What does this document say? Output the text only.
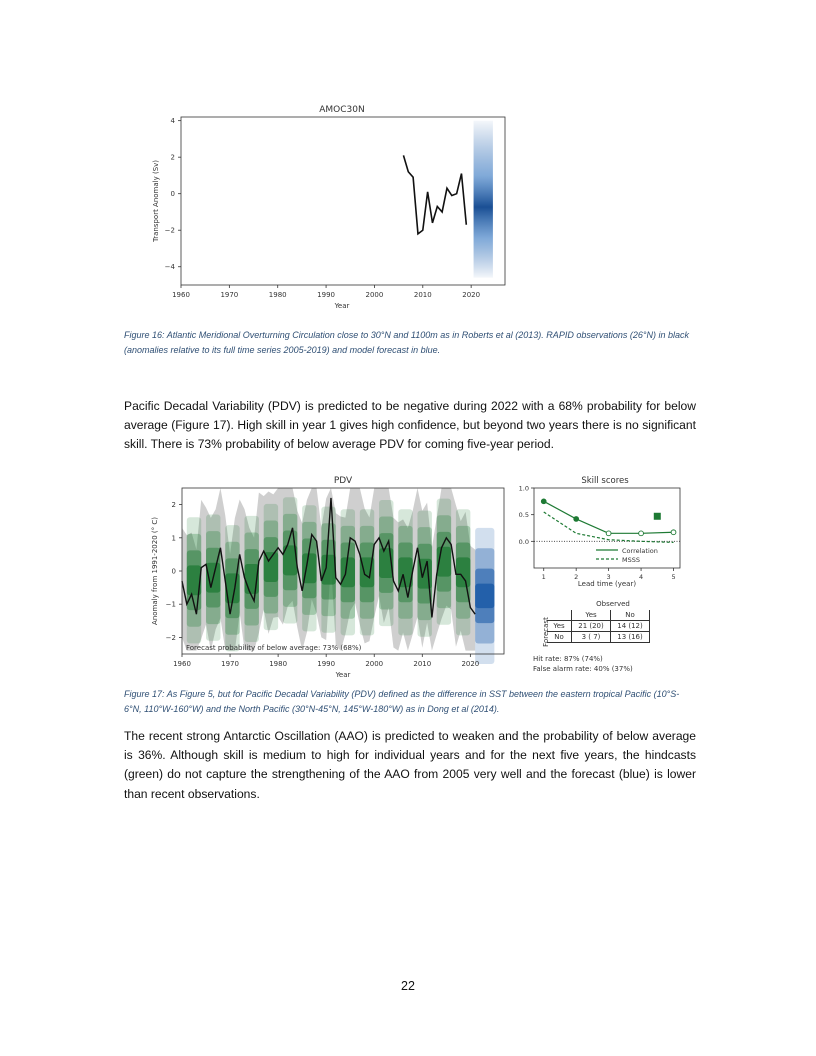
AMOC30N
1960	1970	1980	1990	2000	2010	2020
4
2
0
−2
−4
Year
Transport Anomaly (Sv)
Figure 16: Atlantic Meridional Overturning Circulation close to 30°N and 1100m as in Roberts et al (2013). RAPID observations (26°N) in black (anomalies relative to its full time series 2005-2019) and model forecast in blue.
Pacific Decadal Variability (PDV) is predicted to be negative during 2022 with a 68% probability for below average (Figure 17). High skill in year 1 gives high confidence, but beyond two years there is no significant skill. There is 73% probability of below average PDV for coming five-year period.
PDV
1960	1970	1980	1990	2000	2010	2020
2
1
0
−1
−2
Forecast probability of below average: 73% (68%)
Year
Anomaly from 1991-2020 (° C)
Skill scores
1	2	3	4	5
1.0
0.5
0.0
Correlation
MSSS
Lead time (year)
Observed
Forecast
	Yes	No
Yes	21 (20)	14 (12)
No	3 ( 7)	13 (16)
Hit rate: 87% (74%)
False alarm rate: 40% (37%)
Figure 17: As Figure 5, but for Pacific Decadal Variability (PDV) defined as the difference in SST between the eastern tropical Pacific (10°S-6°N, 110°W-160°W) and the North Pacific (30°N-45°N, 145°W-180°W) as in Dong et al (2014).
The recent strong Antarctic Oscillation (AAO) is predicted to weaken and the probability of below average is 36%. Although skill is medium to high for individual years and for the next five years, the hindcasts (green) do not capture the strengthening of the AAO from 2005 very well and the forecast (blue) is lower than recent observations.
22
